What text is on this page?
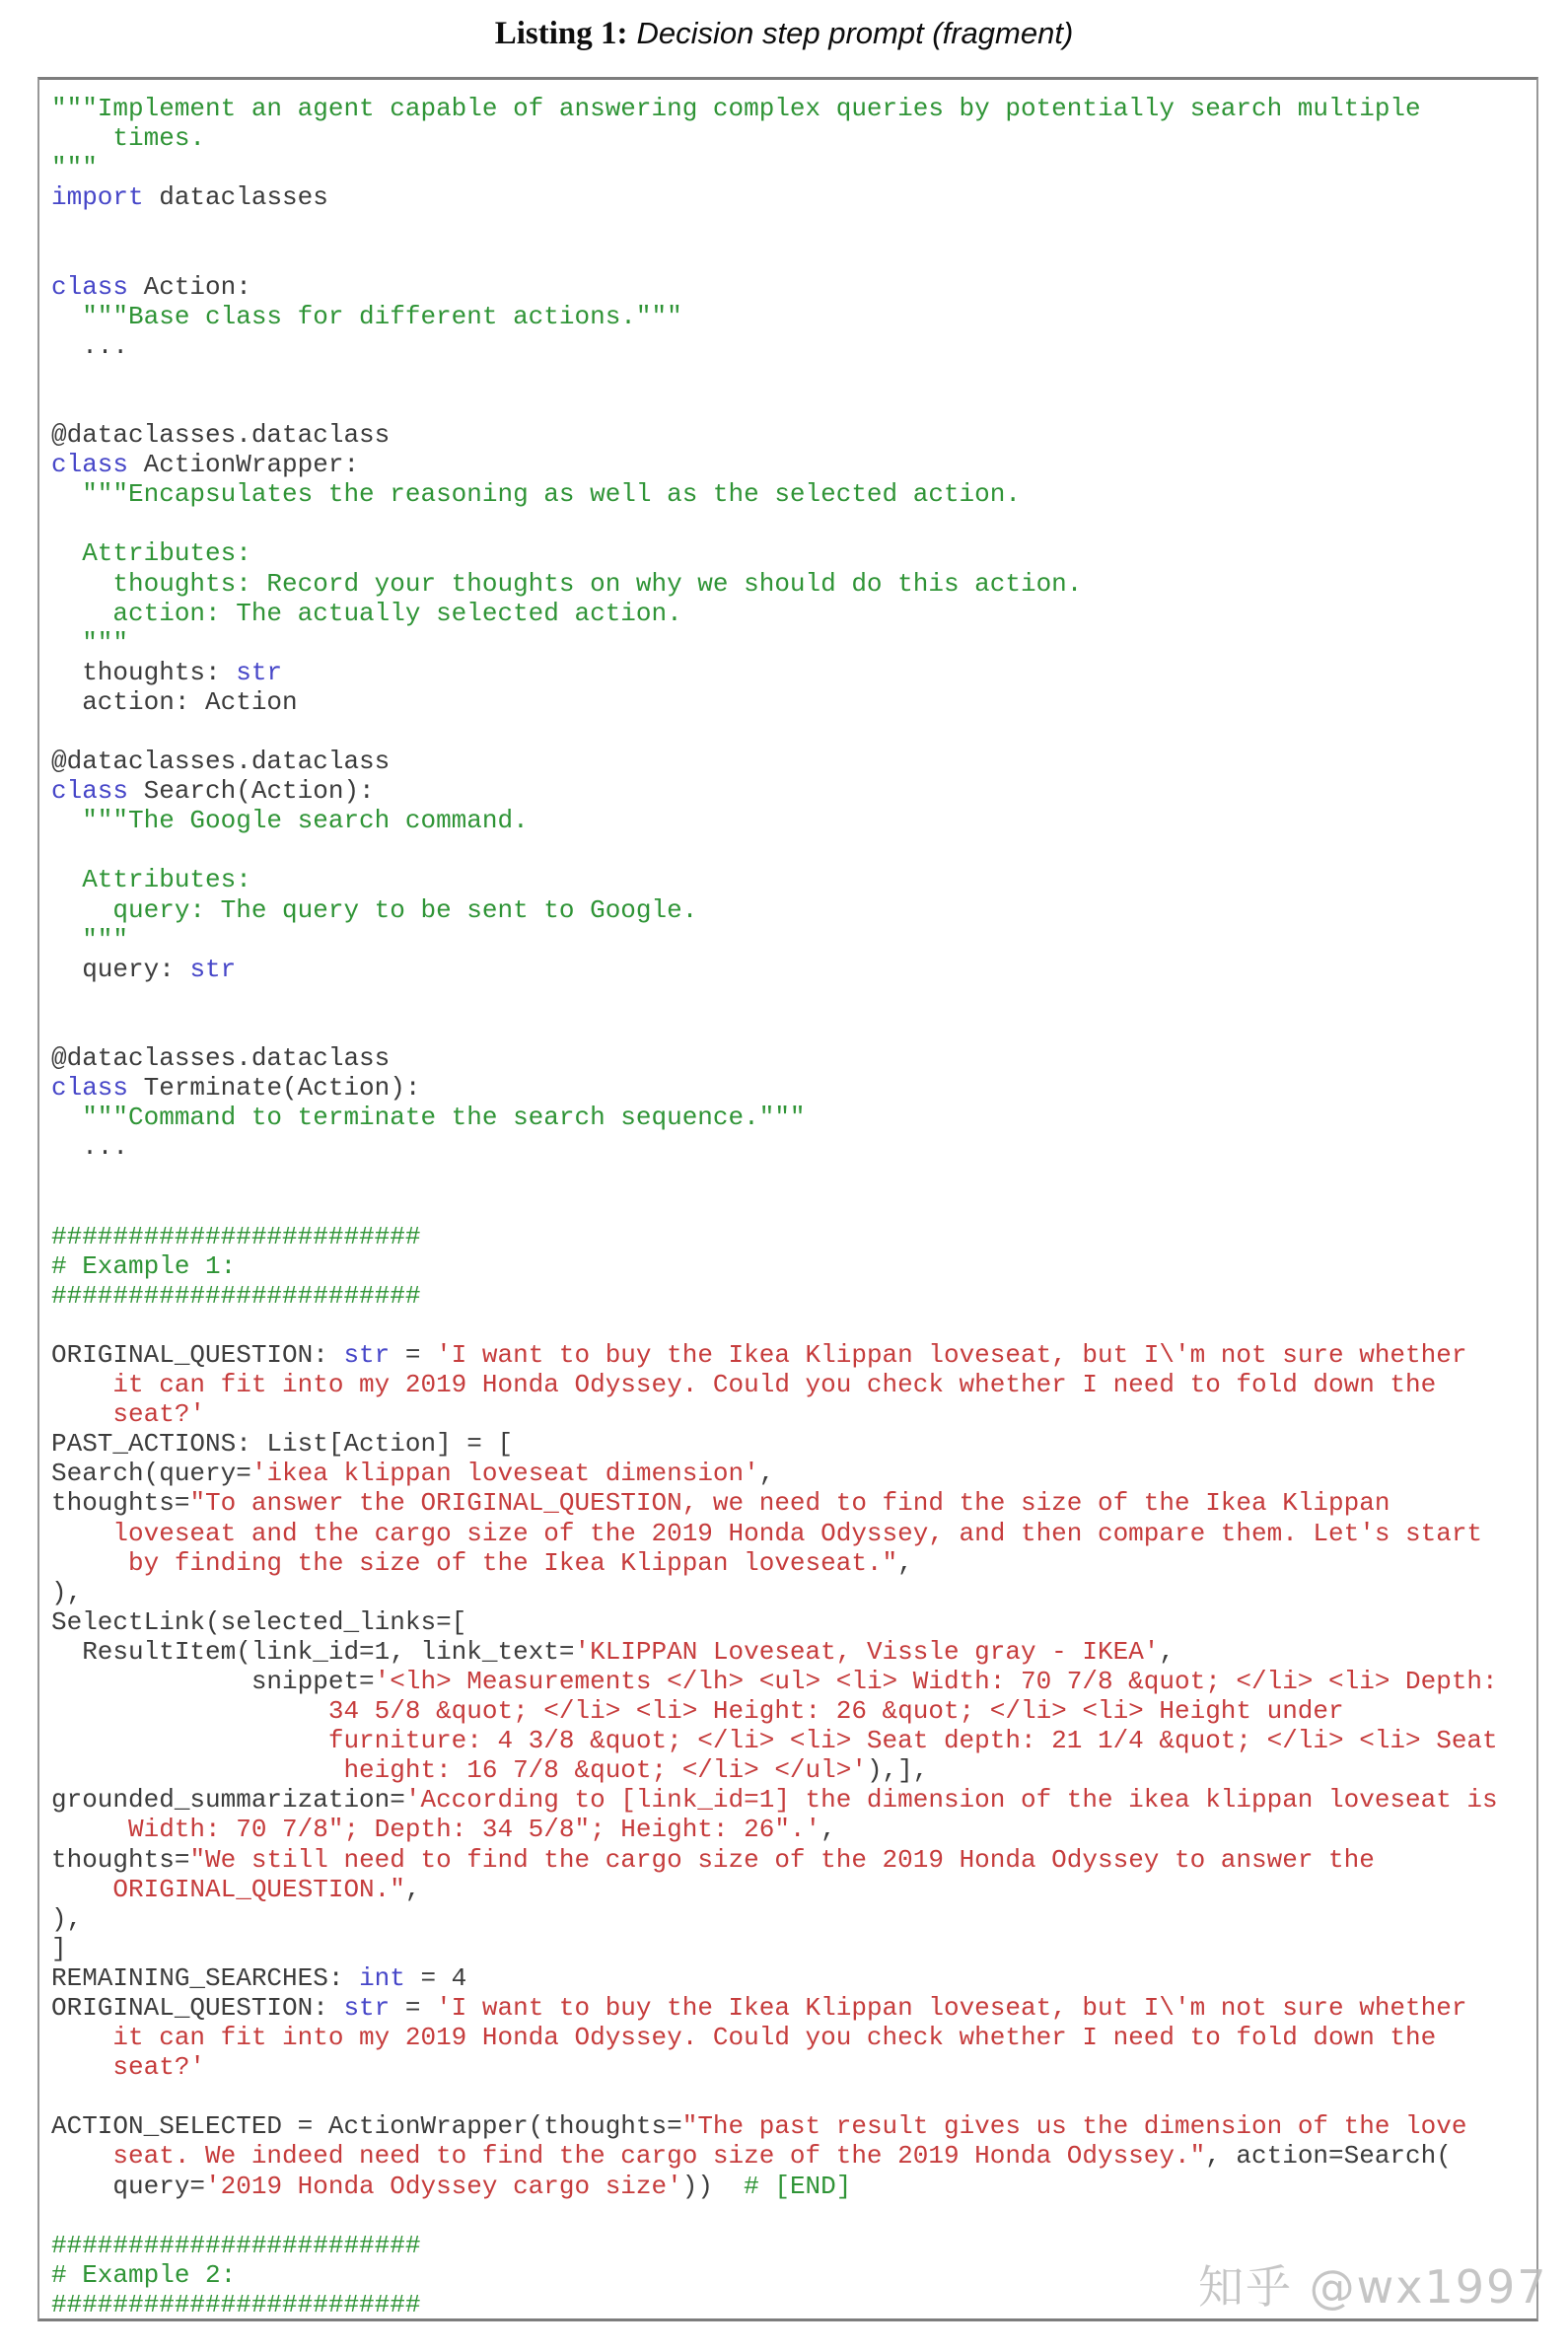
Listing 1: Decision step prompt (fragment)
"""Implement an agent capable of answering complex queries by potentially search multiple
times.
"""
import dataclasses
class Action:
"""Base class for different actions."""
...
@dataclasses.dataclass
class ActionWrapper:
"""Encapsulates the reasoning as well as the selected action.
Attributes:
thoughts: Record your thoughts on why we should do this action.
action: The actually selected action.
"""
thoughts: str
action: Action
@dataclasses.dataclass
class Search(Action):
"""The Google search command.
Attributes:
query: The query to be sent to Google.
"""
query: str
@dataclasses.dataclass
class Terminate(Action):
"""Command to terminate the search sequence."""
...
########################
# Example 1:
########################
ORIGINAL_QUESTION: str = 'I want to buy the Ikea Klippan loveseat, but I\'m not sure whether
it can fit into my 2019 Honda Odyssey. Could you check whether I need to fold down the
seat?'
PAST_ACTIONS: List[Action] = [
Search(query='ikea klippan loveseat dimension',
thoughts="To answer the ORIGINAL_QUESTION, we need to find the size of the Ikea Klippan
loveseat and the cargo size of the 2019 Honda Odyssey, and then compare them. Let's start
by finding the size of the Ikea Klippan loveseat.",
),
SelectLink(selected_links=[
ResultItem(link_id=1, link_text='KLIPPAN Loveseat, Vissle gray - IKEA',
snippet='<lh> Measurements </lh> <ul> <li> Width: 70 7/8 &quot; </li> <li> Depth:
34 5/8 &quot; </li> <li> Height: 26 &quot; </li> <li> Height under
furniture: 4 3/8 &quot; </li> <li> Seat depth: 21 1/4 &quot; </li> <li> Seat
height: 16 7/8 &quot; </li> </ul>'),],
grounded_summarization='According to [link_id=1] the dimension of the ikea klippan loveseat is
Width: 70 7/8"; Depth: 34 5/8"; Height: 26".',
thoughts="We still need to find the cargo size of the 2019 Honda Odyssey to answer the
ORIGINAL_QUESTION.",
),
]
REMAINING_SEARCHES: int = 4
ORIGINAL_QUESTION: str = 'I want to buy the Ikea Klippan loveseat, but I\'m not sure whether
it can fit into my 2019 Honda Odyssey. Could you check whether I need to fold down the
seat?'
ACTION_SELECTED = ActionWrapper(thoughts="The past result gives us the dimension of the love
seat. We indeed need to find the cargo size of the 2019 Honda Odyssey.", action=Search(
query='2019 Honda Odyssey cargo size'))  # [END]
########################
# Example 2:
########################	知乎 @wx1997
